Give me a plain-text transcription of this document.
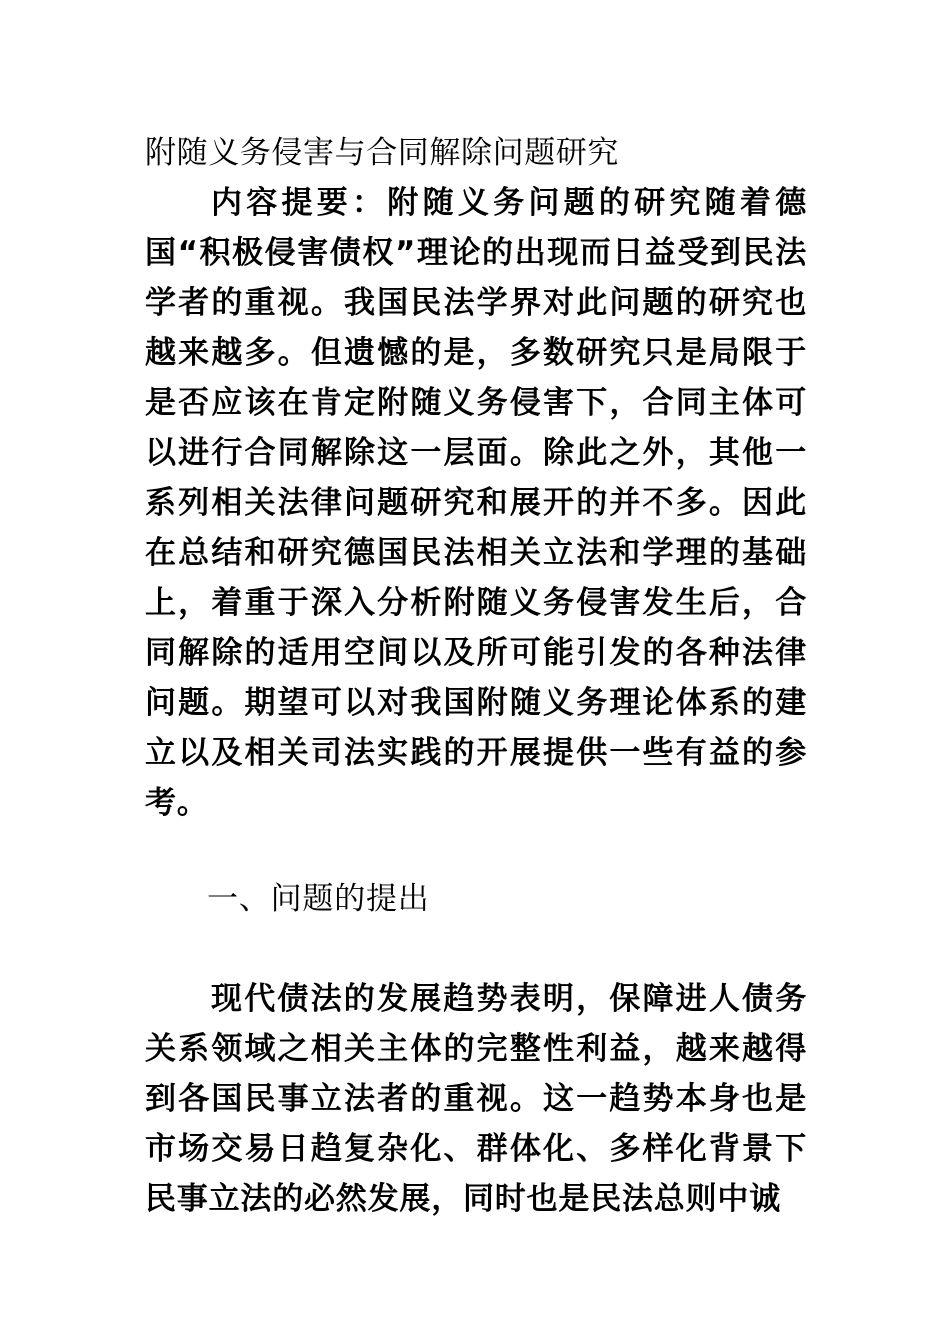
附随义务侵害与合同解除问题研究

内容提要：附随义务问题的研究随着德国“积极侵害债权”理论的出现而日益受到民法学者的重视。我国民法学界对此问题的研究也越来越多。但遗憾的是，多数研究只是局限于是否应该在肯定附随义务侵害下，合同主体可以进行合同解除这一层面。除此之外，其他一系列相关法律问题研究和展开的并不多。因此在总结和研究德国民法相关立法和学理的基础上，着重于深入分析附随义务侵害发生后，合同解除的适用空间以及所可能引发的各种法律问题。期望可以对我国附随义务理论体系的建立以及相关司法实践的开展提供一些有益的参考。

一、问题的提出

现代债法的发展趋势表明，保障进人债务关系领域之相关主体的完整性利益，越来越得到各国民事立法者的重视。这一趋势本身也是市场交易日趋复杂化、群体化、多样化背景下民事立法的必然发展，同时也是民法总则中诚
